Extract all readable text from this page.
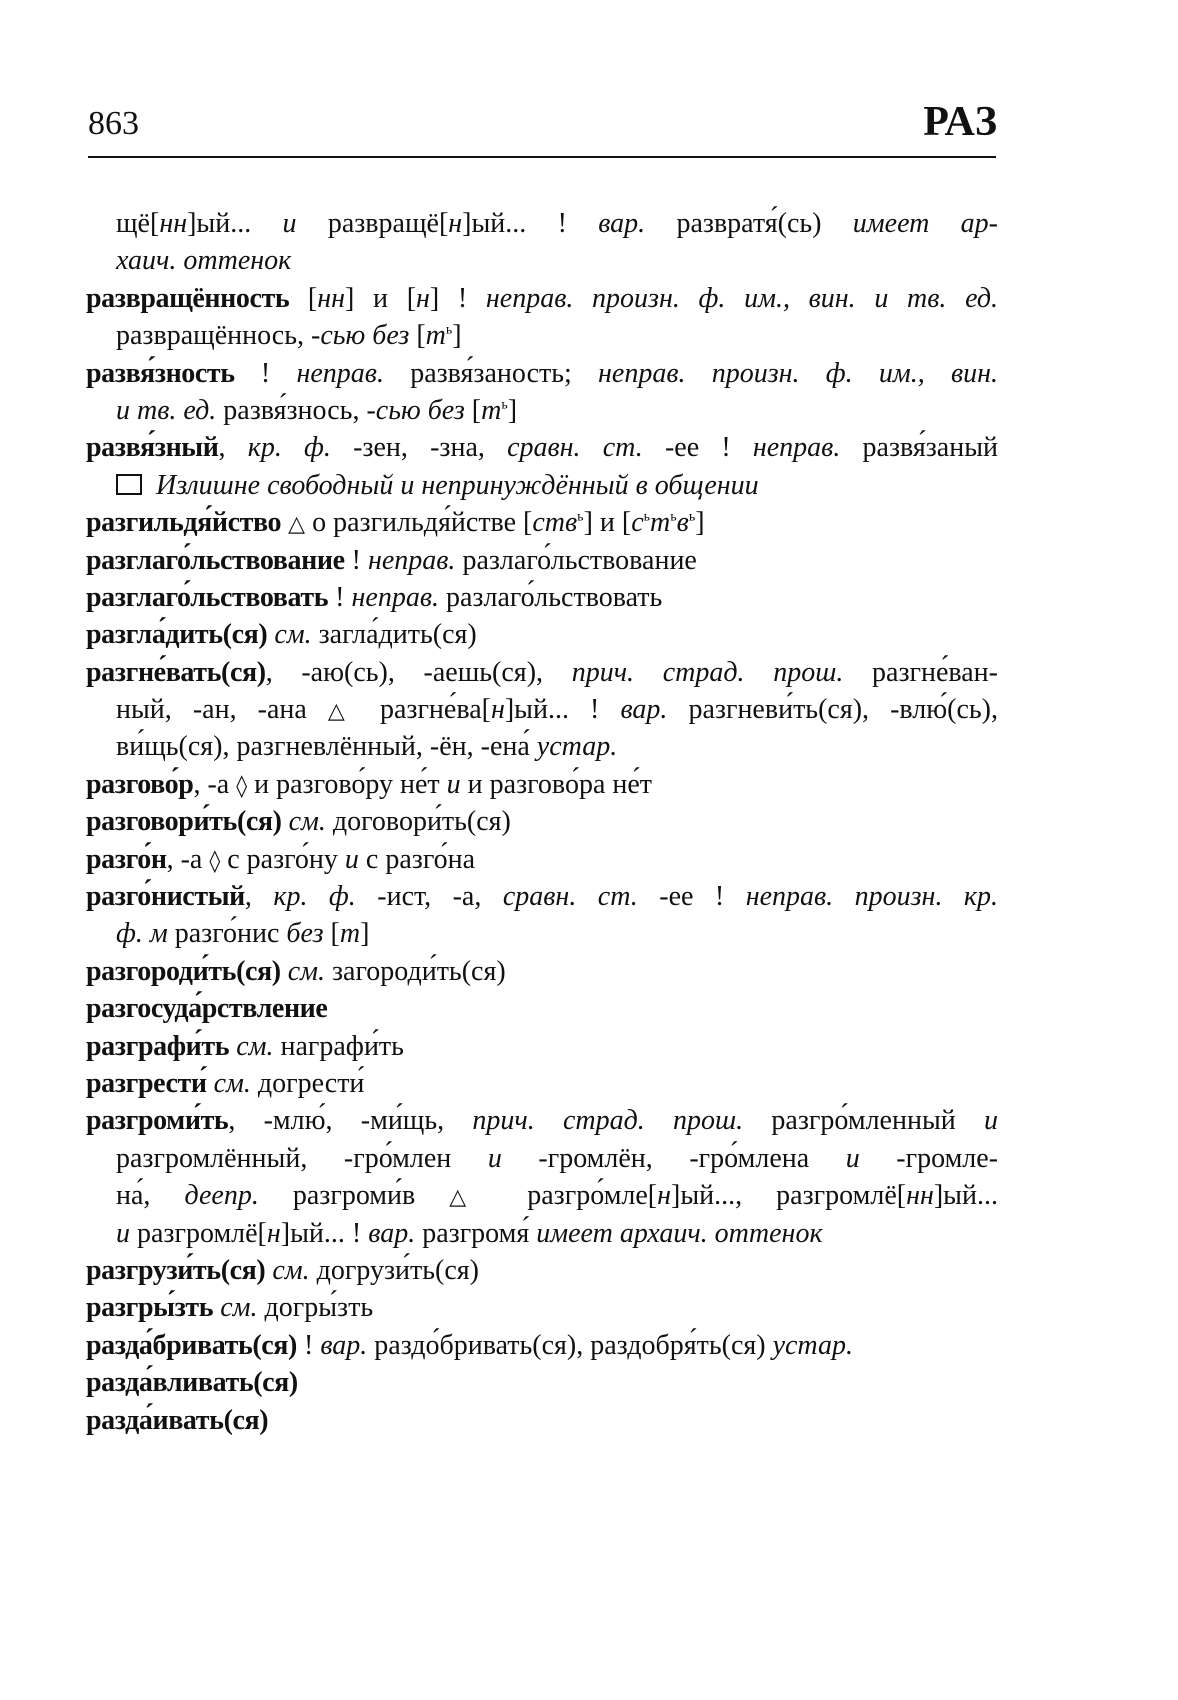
863	РАЗ
щё[нн]ый... и развращё[н]ый... ! вар. развратя́(сь) имеет ар-
хаич. оттенок
развращённость [нн] и [н] ! неправ. произн. ф. им., вин. и тв. ед.
развращённось, -сью без $[т^ь]$
развя́зность ! неправ. развя́заность; неправ. произн. ф. им., вин.
и тв. ед. развя́знось, -сью без $[т^ь]$
развя́зный, кр. ф. -зен, -зна, сравн. ст. -ее ! неправ. развя́заный
Излишне свободный и непринуждённый в общении
разгильдя́йство △ о разгильдя́йстве [ств$^ь$] и $[с^ьт^ьв^ь]$
разглаго́льствование ! неправ. разлаго́льствование
разглаго́льствовать ! неправ. разлаго́льствовать
разгла́дить(ся) см. загла́дить(ся)
разгне́вать(ся), -аю(сь), -аешь(ся), прич. страд. прош. разгне́ван-
ный, -ан, -ана △ разгне́ва[н]ый... ! вар. разгневи́ть(ся), -влю́(сь),
ви́щь(ся), разгневлённый, -ён, -ена́ устар.
разгово́р, -а ◊ и разгово́ру не́т и и разгово́ра не́т
разговори́ть(ся) см. договори́ть(ся)
разго́н, -а ◊ с разго́ну и с разго́на
разго́нистый, кр. ф. -ист, -а, сравн. ст. -ее ! неправ. произн. кр.
ф. м разго́нис без [т]
разгороди́ть(ся) см. загороди́ть(ся)
разгосуда́рствление
разграфи́ть см. награфи́ть
разгрести́ см. догрести́
разгроми́ть, -млю́, -ми́щь, прич. страд. прош. разгро́мленный и
разгромлённый, -гро́млен и -громлён, -гро́млена и -громле-
на́, деепр. разгроми́в △ разгро́мле[н]ый..., разгромлё[нн]ый...
и разгромлё[н]ый... ! вар. разгромя́ имеет архаич. оттенок
разгрузи́ть(ся) см. догрузи́ть(ся)
разгры́зть см. догры́зть
разда́бривать(ся) ! вар. раздо́бривать(ся), раздобря́ть(ся) устар.
разда́вливать(ся)
разда́ивать(ся)
